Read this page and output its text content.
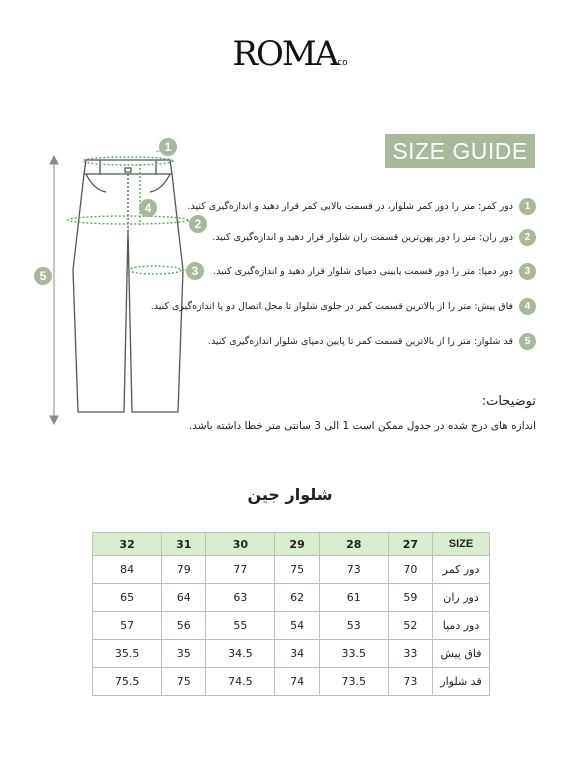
ROMAco
SIZE GUIDE
1
4
2
3
5
1
دور کمر: متر را دور کمر شلوار، در قسمت بالایی کمر قرار دهید و اندازه‌گیری کنید.
2
دور ران: متر را دور پهن‌ترین قسمت ران شلوار قرار دهید و اندازه‌گیری کنید.
3
دور دمپا: متر را دور قسمت پایینی دمپای شلوار قرار دهید و اندازه‌گیری کنید.
4
فاق پیش: متر را از بالاترین قسمت کمر در جلوی شلوار تا محل اتصال دو پا اندازه‌گیری کنید.
5
قد شلوار: متر را از بالاترین قسمت کمر تا پایین دمپای شلوار اندازه‌گیری کنید.
توضیحات:
اندازه های درج شده در جدول ممکن است 1 الی 3 سانتی متر خطا داشته باشد.
شلوار جین
SIZE	27	28	29	30	31	32
دور کمر	70	73	75	77	79	84
دور ران	59	61	62	63	64	65
دور دمپا	52	53	54	55	56	57
فاق پیش	33	33.5	34	34.5	35	35.5
قد شلوار	73	73.5	74	74.5	75	75.5
